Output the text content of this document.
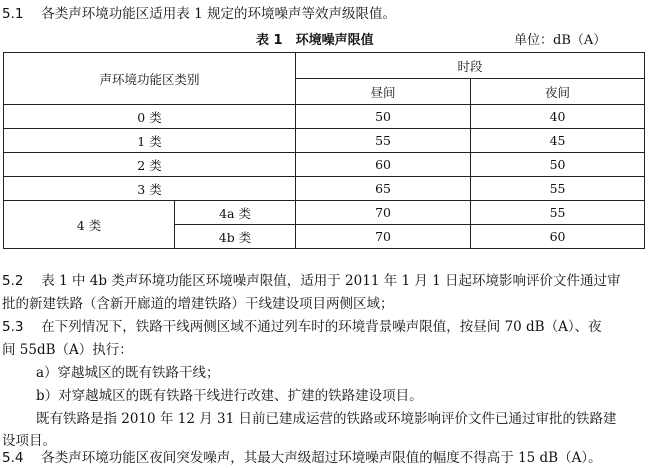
5.1　 各类声环境功能区适用表 1 规定的环境噪声等效声级限值。
表 1　环境噪声限值	单位：dB（A）
声环境功能区类别		时段	
		昼间	夜间
0 类		50	40
1 类		55	45
2 类		60	50
3 类		65	55
4 类	4a 类	70	55
	4b 类	70	60
5.2　 表 1 中 4b 类声环境功能区环境噪声限值，适用于 2011 年 1 月 1 日起环境影响评价文件通过审
批的新建铁路（含新开廊道的增建铁路）干线建设项目两侧区域；
5.3　 在下列情况下，铁路干线两侧区域不通过列车时的环境背景噪声限值，按昼间 70 dB（A）、夜
间 55dB（A）执行：
a）穿越城区的既有铁路干线；
b）对穿越城区的既有铁路干线进行改建、扩建的铁路建设项目。
既有铁路是指 2010 年 12 月 31 日前已建成运营的铁路或环境影响评价文件已通过审批的铁路建
设项目。
5.4　 各类声环境功能区夜间突发噪声，其最大声级超过环境噪声限值的幅度不得高于 15 dB（A）。
